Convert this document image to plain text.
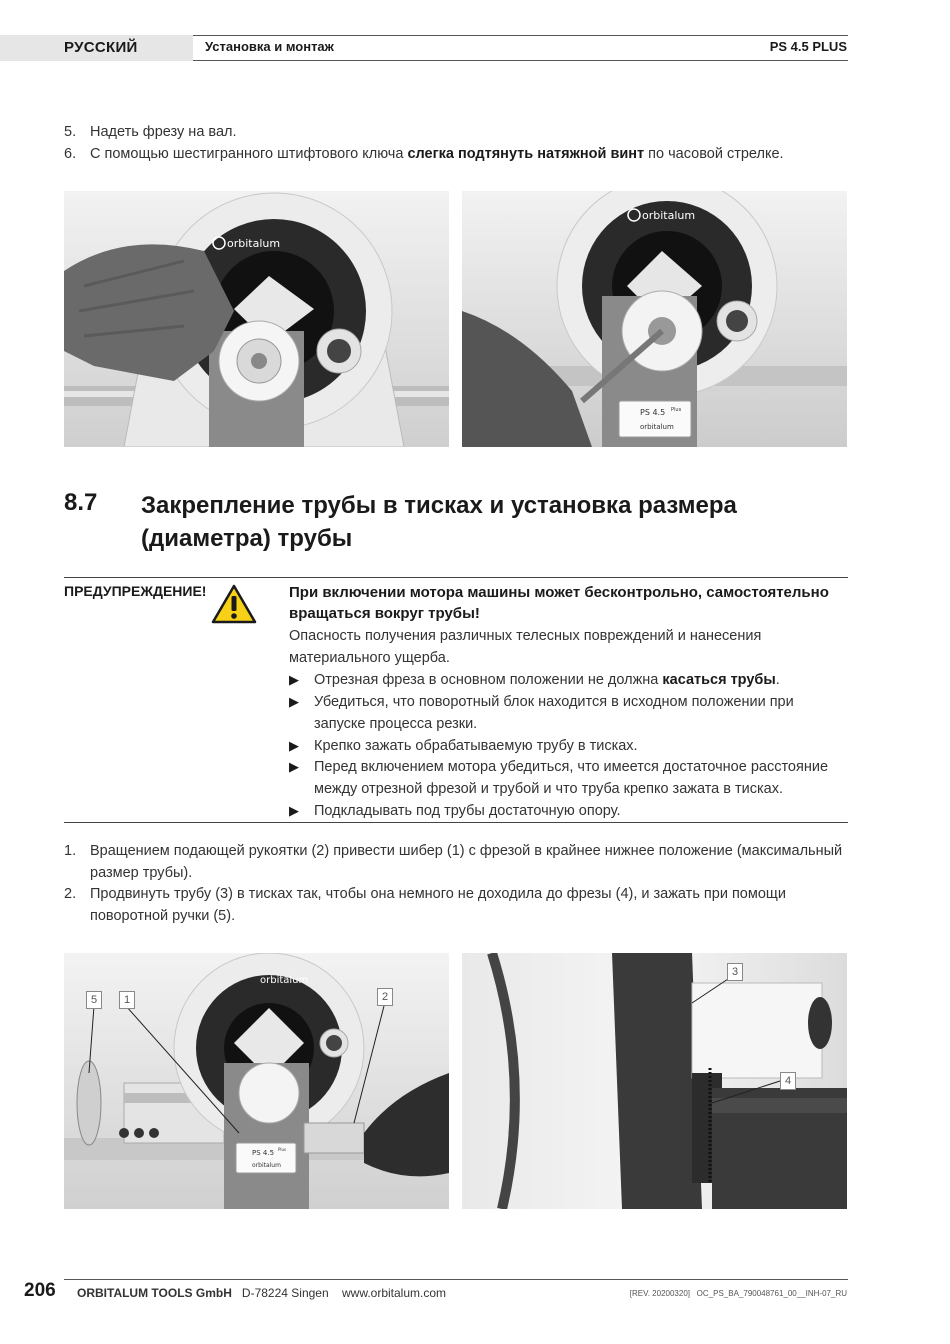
РУССКИЙ	Установка и монтаж	PS 4.5 PLUS
5. Надеть фрезу на вал.
6. С помощью шестигранного штифтового ключа слегка подтянуть натяжной винт по часовой стрелке.
orbitalum
PS 4.5 Plus
orbitalum
orbitalum
8.7 Закрепление трубы в тисках и установка размера (диаметра) трубы
ПРЕДУПРЕЖДЕНИЕ!	При включении мотора машины может бесконтрольно, самостоятельно вращаться вокруг трубы!
Опасность получения различных телесных повреждений и нанесения материального ущерба.
▶ Отрезная фреза в основном положении не должна касаться трубы.
▶ Убедиться, что поворотный блок находится в исходном положении при запуске процесса резки.
▶ Крепко зажать обрабатываемую трубу в тисках.
▶ Перед включением мотора убедиться, что имеется достаточное расстояние между отрезной фрезой и трубой и что труба крепко зажата в тисках.
▶ Подкладывать под трубы достаточную опору.
1. Вращением подающей рукоятки (2) привести шибер (1) с фрезой в крайнее нижнее положение (максимальный размер трубы).
2. Продвинуть трубу (3) в тисках так, чтобы она немного не доходила до фрезы (4), и зажать при помощи поворотной ручки (5).
PS 4.5 Plus
orbitalum
orbitalum
5	1	2
3
4
206 ORBITALUM TOOLS GmbH D-78224 Singen www.orbitalum.com	[REV. 20200320] OC_PS_BA_790048761_00__INH-07_RU
